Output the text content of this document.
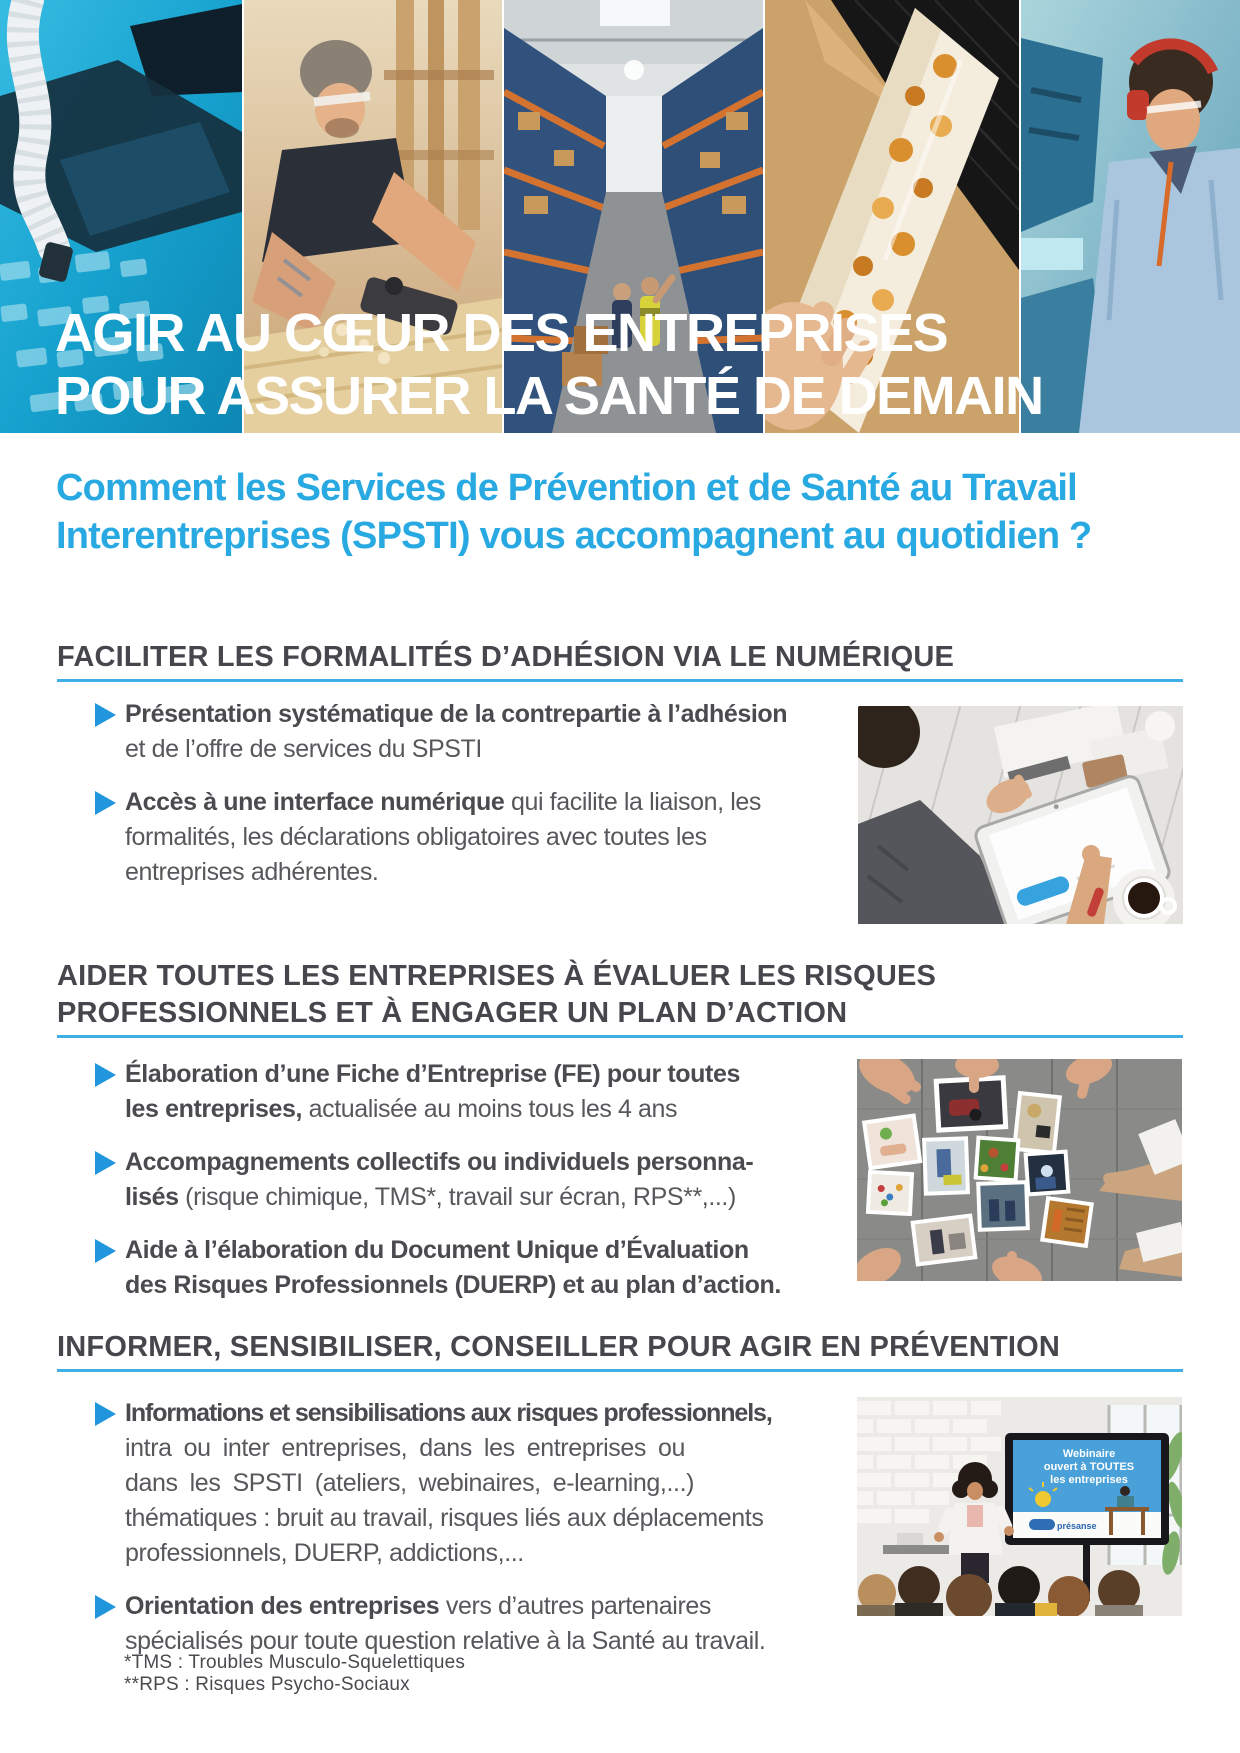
AGIR AU CŒUR DES ENTREPRISES
POUR ASSURER LA SANTÉ DE DEMAIN
Comment les Services de Prévention et de Santé au Travail
Interentreprises (SPSTI) vous accompagnent au quotidien ?
FACILITER LES FORMALITÉS D’ADHÉSION VIA LE NUMÉRIQUE
Présentation systématique de la contrepartie à l’adhésion
et de l’offre de services du SPSTI
Accès à une interface numérique qui facilite la liaison, les
formalités, les déclarations obligatoires avec toutes les
entreprises adhérentes.
AIDER TOUTES LES ENTREPRISES À ÉVALUER LES RISQUES
PROFESSIONNELS ET À ENGAGER UN PLAN D’ACTION
Élaboration d’une Fiche d’Entreprise (FE) pour toutes
les entreprises, actualisée au moins tous les 4 ans
Accompagnements collectifs ou individuels personna-
lisés (risque chimique, TMS*, travail sur écran, RPS**,...)
Aide à l’élaboration du Document Unique d’Évaluation
des Risques Professionnels (DUERP) et au plan d’action.
INFORMER, SENSIBILISER, CONSEILLER POUR AGIR EN PRÉVENTION
Informations et sensibilisations aux risques professionnels,
intra ou inter entreprises, dans les entreprises ou
dans les SPSTI (ateliers, webinaires, e-learning,...)
thématiques : bruit au travail, risques liés aux déplacements
professionnels, DUERP, addictions,...
Orientation des entreprises vers d’autres partenaires
spécialisés pour toute question relative à la Santé au travail.
Webinaire
ouvert à TOUTES
les entreprises
présanse
*TMS : Troubles Musculo-Squelettiques
**RPS : Risques Psycho-Sociaux
